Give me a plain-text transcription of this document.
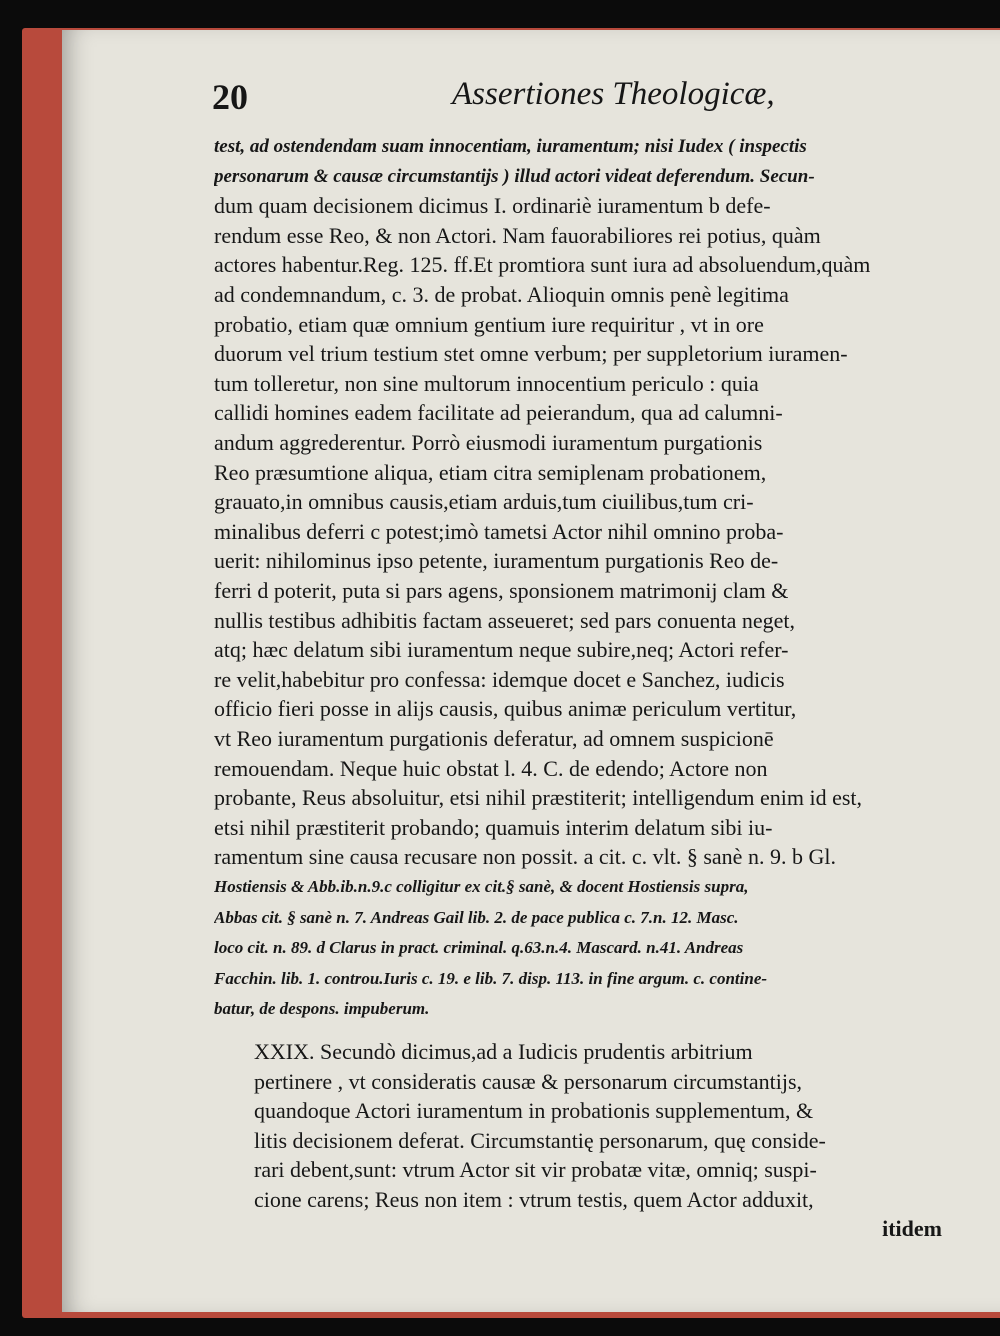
20	Assertiones Theologicæ,
test, ad ostendendam suam innocentiam, iuramentum; nisi Iudex ( inspectis
personarum & causæ circumstantijs ) illud actori videat deferendum. Secun-
dum quam decisionem dicimus I. ordinariè iuramentum b defe-
rendum esse Reo, & non Actori. Nam fauorabiliores rei potius, quàm
actores habentur.Reg. 125. ff.Et promtiora sunt iura ad absoluendum,quàm
ad condemnandum, c. 3. de probat. Alioquin omnis penè legitima
probatio, etiam quæ omnium gentium iure requiritur , vt in ore
duorum vel trium testium stet omne verbum; per suppletorium iuramen-
tum tolleretur, non sine multorum innocentium periculo : quia
callidi homines eadem facilitate ad peierandum, qua ad calumni-
andum aggrederentur. Porrò eiusmodi iuramentum purgationis
Reo præsumtione aliqua, etiam citra semiplenam probationem,
grauato,in omnibus causis,etiam arduis,tum ciuilibus,tum cri-
minalibus deferri c potest;imò tametsi Actor nihil omnino proba-
uerit: nihilominus ipso petente, iuramentum purgationis Reo de-
ferri d poterit, puta si pars agens, sponsionem matrimonij clam &
nullis testibus adhibitis factam asseueret; sed pars conuenta neget,
atq; hæc delatum sibi iuramentum neque subire,neq; Actori refer-
re velit,habebitur pro confessa: idemque docet e Sanchez, iudicis
officio fieri posse in alijs causis, quibus animæ periculum vertitur,
vt Reo iuramentum purgationis deferatur, ad omnem suspicionē
remouendam. Neque huic obstat l. 4. C. de edendo; Actore non
probante, Reus absoluitur, etsi nihil præstiterit; intelligendum enim id est,
etsi nihil præstiterit probando; quamuis interim delatum sibi iu-
ramentum sine causa recusare non possit. a cit. c. vlt. § sanè n. 9. b Gl.
Hostiensis & Abb.ib.n.9.c colligitur ex cit.§ sanè, & docent Hostiensis supra,
Abbas cit. § sanè n. 7. Andreas Gail lib. 2. de pace publica c. 7.n. 12. Masc.
loco cit. n. 89. d Clarus in pract. criminal. q.63.n.4. Mascard. n.41. Andreas
Facchin. lib. 1. controu.Iuris c. 19. e lib. 7. disp. 113. in fine argum. c. contine-
batur, de despons. impuberum.
XXIX. Secundò dicimus,ad a Iudicis prudentis arbitrium
pertinere , vt consideratis causæ & personarum circumstantijs,
quandoque Actori iuramentum in probationis supplementum, &
litis decisionem deferat. Circumstantię personarum, quę conside-
rari debent,sunt: vtrum Actor sit vir probatæ vitæ, omniq; suspi-
cione carens; Reus non item : vtrum testis, quem Actor adduxit,
itidem
